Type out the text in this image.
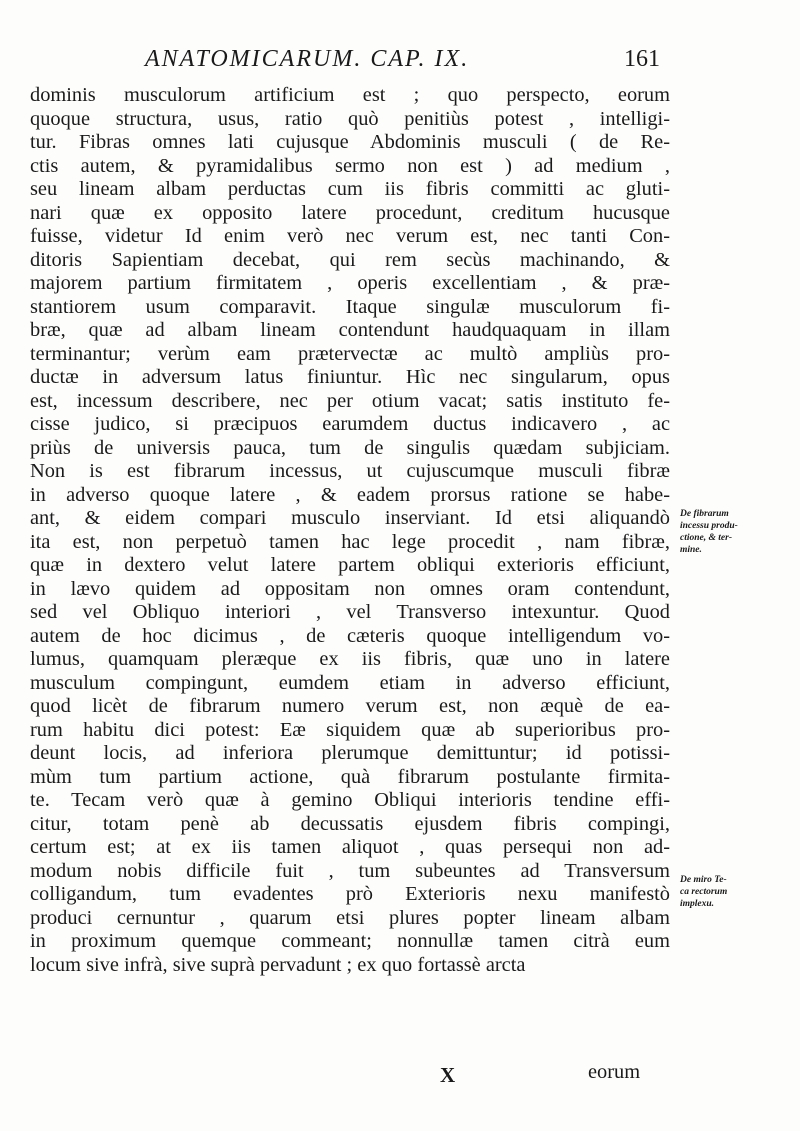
ANATOMICARUM. CAP. IX.	161
dominis musculorum artificium est ; quo perspecto, eorum
quoque structura, usus, ratio quò penitiùs potest , intelligi-
tur. Fibras omnes lati cujusque Abdominis musculi ( de Re-
ctis autem, & pyramidalibus sermo non est ) ad medium ,
seu lineam albam perductas cum iis fibris committi ac gluti-
nari quæ ex opposito latere procedunt, creditum hucusque
fuisse, videtur Id enim verò nec verum est, nec tanti Con-
ditoris Sapientiam decebat, qui rem secùs machinando, &
majorem partium firmitatem , operis excellentiam , & præ-
stantiorem usum comparavit. Itaque singulæ musculorum fi-
bræ, quæ ad albam lineam contendunt haudquaquam in illam
terminantur; verùm eam prætervectæ ac multò ampliùs pro-
ductæ in adversum latus finiuntur. Hìc nec singularum, opus
est, incessum describere, nec per otium vacat; satis instituto fe-
cisse judico, si præcipuos earumdem ductus indicavero , ac
priùs de universis pauca, tum de singulis quædam subjiciam.
Non is est fibrarum incessus, ut cujuscumque musculi fibræ
in adverso quoque latere , & eadem prorsus ratione se habe-
ant, & eidem compari musculo inserviant. Id etsi aliquandò
ita est, non perpetuò tamen hac lege procedit , nam fibræ,
quæ in dextero velut latere partem obliqui exterioris efficiunt,
in lævo quidem ad oppositam non omnes oram contendunt,
sed vel Obliquo interiori , vel Transverso intexuntur. Quod
autem de hoc dicimus , de cæteris quoque intelligendum vo-
lumus, quamquam pleræque ex iis fibris, quæ uno in latere
musculum compingunt, eumdem etiam in adverso efficiunt,
quod licèt de fibrarum numero verum est, non æquè de ea-
rum habitu dici potest: Eæ siquidem quæ ab superioribus pro-
deunt locis, ad inferiora plerumque demittuntur; id potissi-
mùm tum partium actione, quà fibrarum postulante firmita-
te. Tecam verò quæ à gemino Obliqui interioris tendine effi-
citur, totam penè ab decussatis ejusdem fibris compingi,
certum est; at ex iis tamen aliquot , quas persequi non ad-
modum nobis difficile fuit , tum subeuntes ad Transversum
colligandum, tum evadentes prò Exterioris nexu manifestò
produci cernuntur , quarum etsi plures popter lineam albam
in proximum quemque commeant; nonnullæ tamen citrà eum
locum sive infrà, sive suprà pervadunt ; ex quo fortassè arcta
De fibrarum
incessu produ-
ctione, & ter-
mine.
De miro Te-
ca rectorum
implexu.
X	eorum
